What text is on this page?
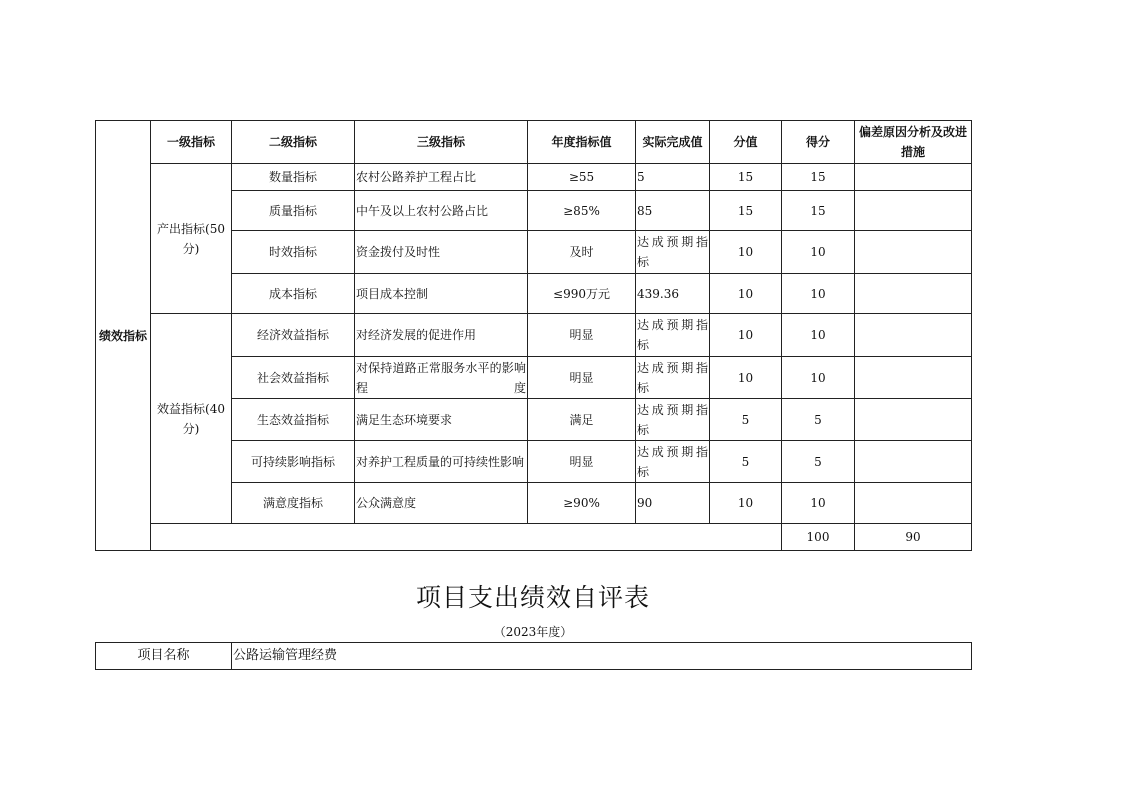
绩效指标	一级指标	二级指标	三级指标	年度指标值	实际完成值	分值	得分	偏差原因分析及改进措施	
	产出指标(50分)	数量指标	农村公路养护工程占比	≥55	5	15	15		
		质量指标	中午及以上农村公路占比	≥85%	85	15	15		
		时效指标	资金拨付及时性	及时	达成预期指标	10	10		
		成本指标	项目成本控制	≤990万元	439.36	10	10		
	效益指标(40分)	经济效益指标	对经济发展的促进作用	明显	达成预期指标	10	10		
		社会效益指标	对保持道路正常服务水平的影响程度	明显	达成预期指标	10	10		
		生态效益指标	满足生态环境要求	满足	达成预期指标	5	5		
		可持续影响指标	对养护工程质量的可持续性影响	明显	达成预期指标	5	5		
		满意度指标	公众满意度	≥90%	90	10	10		
							100	90	
项目支出绩效自评表
（2023年度）
项目名称	公路运输管理经费
